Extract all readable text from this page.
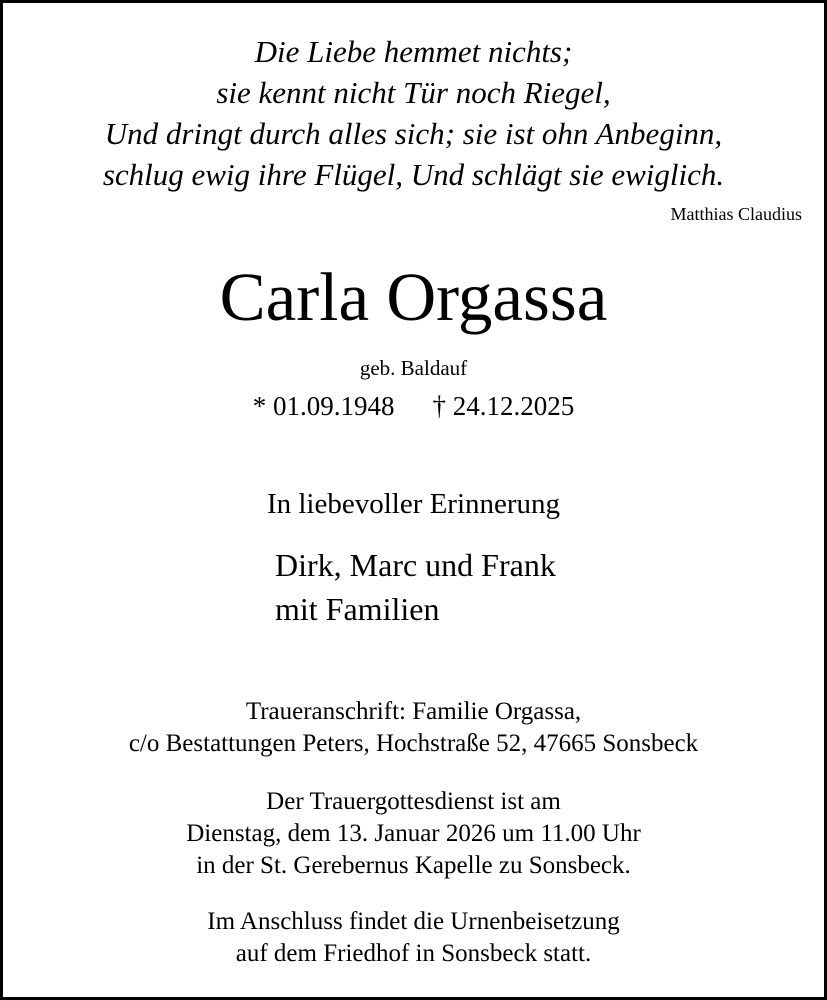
Die Liebe hemmet nichts;
sie kennt nicht Tür noch Riegel,
Und dringt durch alles sich; sie ist ohn Anbeginn,
schlug ewig ihre Flügel, Und schlägt sie ewiglich.
Matthias Claudius
Carla Orgassa
geb. Baldauf
* 01.09.1948 † 24.12.2025
In liebevoller Erinnerung
Dirk, Marc und Frank
mit Familien
Traueranschrift: Familie Orgassa,
c/o Bestattungen Peters, Hochstraße 52, 47665 Sonsbeck
Der Trauergottesdienst ist am
Dienstag, dem 13. Januar 2026 um 11.00 Uhr
in der St. Gerebernus Kapelle zu Sonsbeck.
Im Anschluss findet die Urnenbeisetzung
auf dem Friedhof in Sonsbeck statt.
